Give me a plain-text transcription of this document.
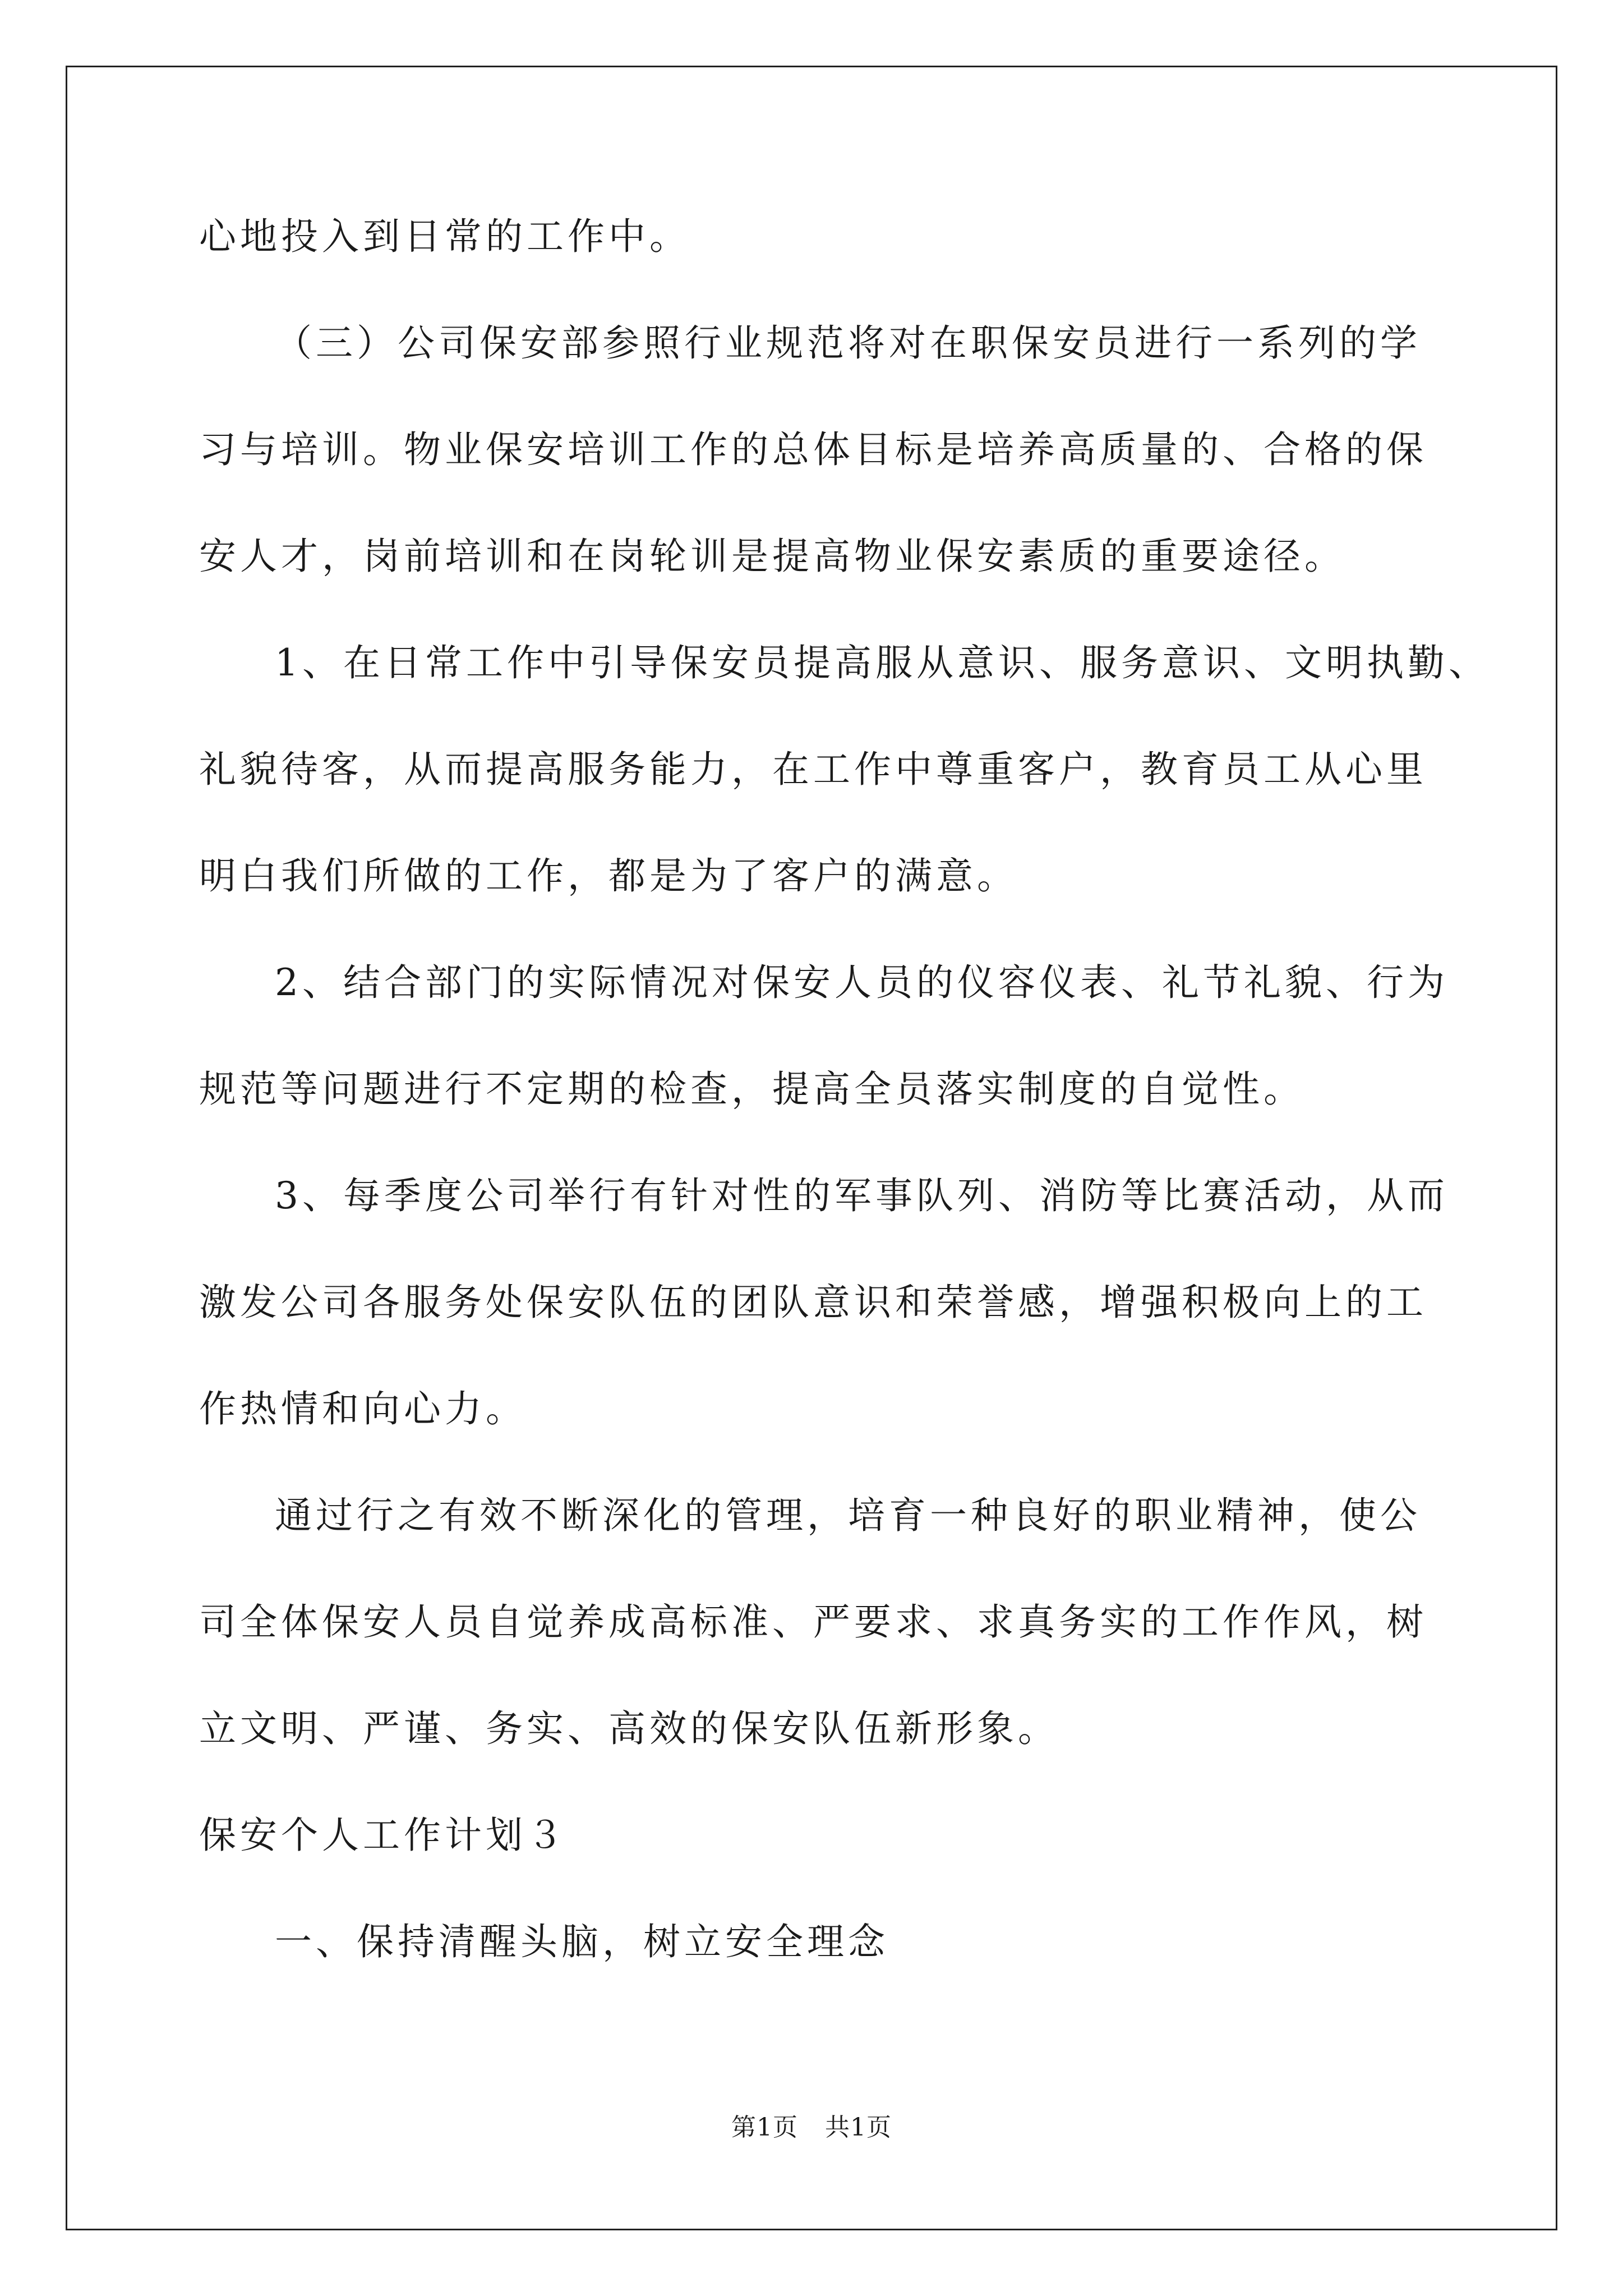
心地投入到日常的工作中。
（三）公司保安部参照行业规范将对在职保安员进行一系列的学
习与培训。物业保安培训工作的总体目标是培养高质量的、合格的保
安人才，岗前培训和在岗轮训是提高物业保安素质的重要途径。
1、在日常工作中引导保安员提高服从意识、服务意识、文明执勤、
礼貌待客，从而提高服务能力，在工作中尊重客户，教育员工从心里
明白我们所做的工作，都是为了客户的满意。
2、结合部门的实际情况对保安人员的仪容仪表、礼节礼貌、行为
规范等问题进行不定期的检查，提高全员落实制度的自觉性。
3、每季度公司举行有针对性的军事队列、消防等比赛活动，从而
激发公司各服务处保安队伍的团队意识和荣誉感，增强积极向上的工
作热情和向心力。
通过行之有效不断深化的管理，培育一种良好的职业精神，使公
司全体保安人员自觉养成高标准、严要求、求真务实的工作作风，树
立文明、严谨、务实、高效的保安队伍新形象。
保安个人工作计划３
一、保持清醒头脑，树立安全理念
第1页 共1页
